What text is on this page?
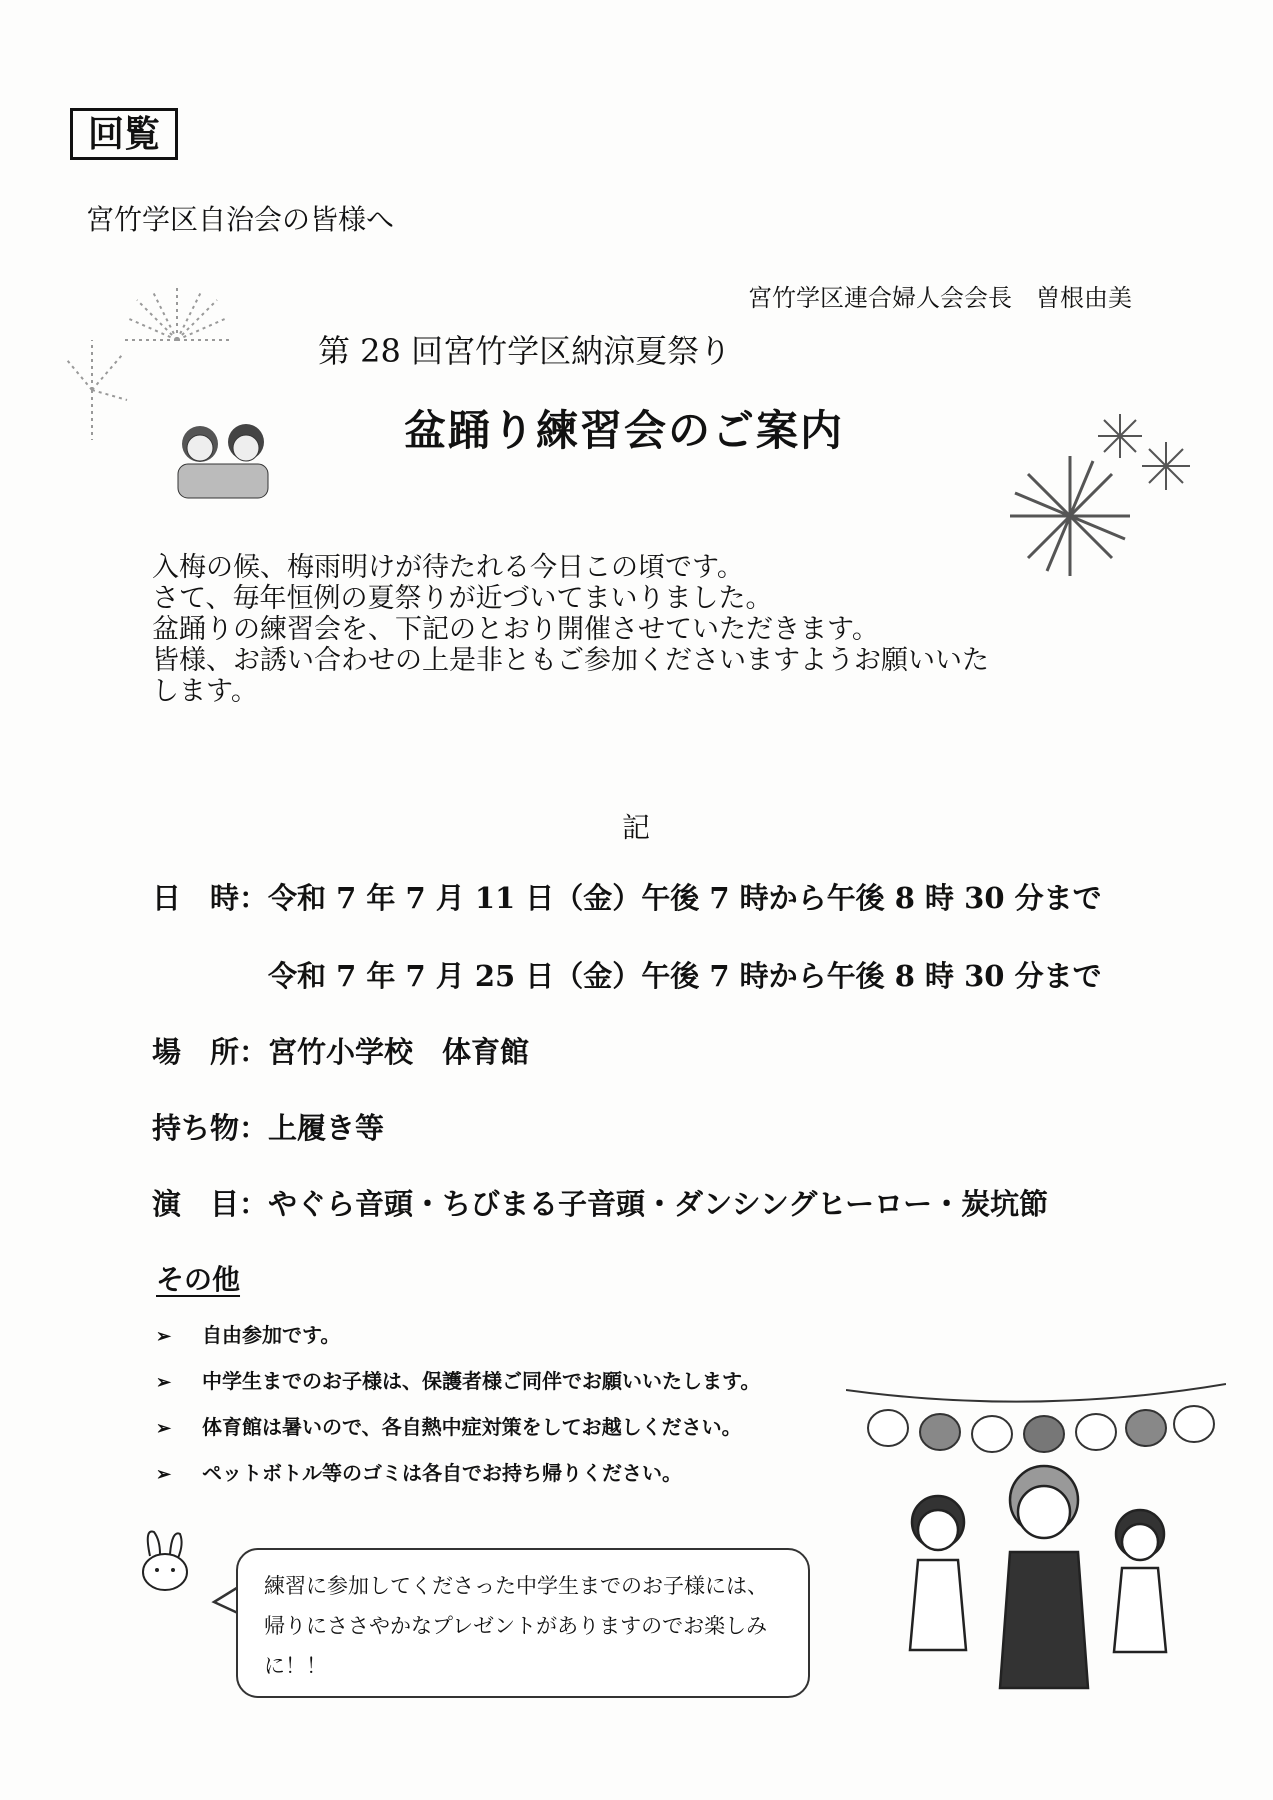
回覧
宮竹学区自治会の皆様へ
宮竹学区連合婦人会会長　曽根由美
第 28 回宮竹学区納涼夏祭り
盆踊り練習会のご案内
入梅の候、梅雨明けが待たれる今日この頃です。
さて、毎年恒例の夏祭りが近づいてまいりました。
盆踊りの練習会を、下記のとおり開催させていただきます。
皆様、お誘い合わせの上是非ともご参加くださいますようお願いいた
します。
記
日　時：令和 7 年 7 月 11 日（金）午後 7 時から午後 8 時 30 分まで
令和 7 年 7 月 25 日（金）午後 7 時から午後 8 時 30 分まで
場　所：宮竹小学校　体育館
持ち物：上履き等
演　目：やぐら音頭・ちびまる子音頭・ダンシングヒーロー・炭坑節
その他
➢ 自由参加です。
➢ 中学生までのお子様は、保護者様ご同伴でお願いいたします。
➢ 体育館は暑いので、各自熱中症対策をしてお越しください。
➢ ペットボトル等のゴミは各自でお持ち帰りください。
練習に参加してくださった中学生までのお子様には、
帰りにささやかなプレゼントがありますのでお楽しみ
に！！
